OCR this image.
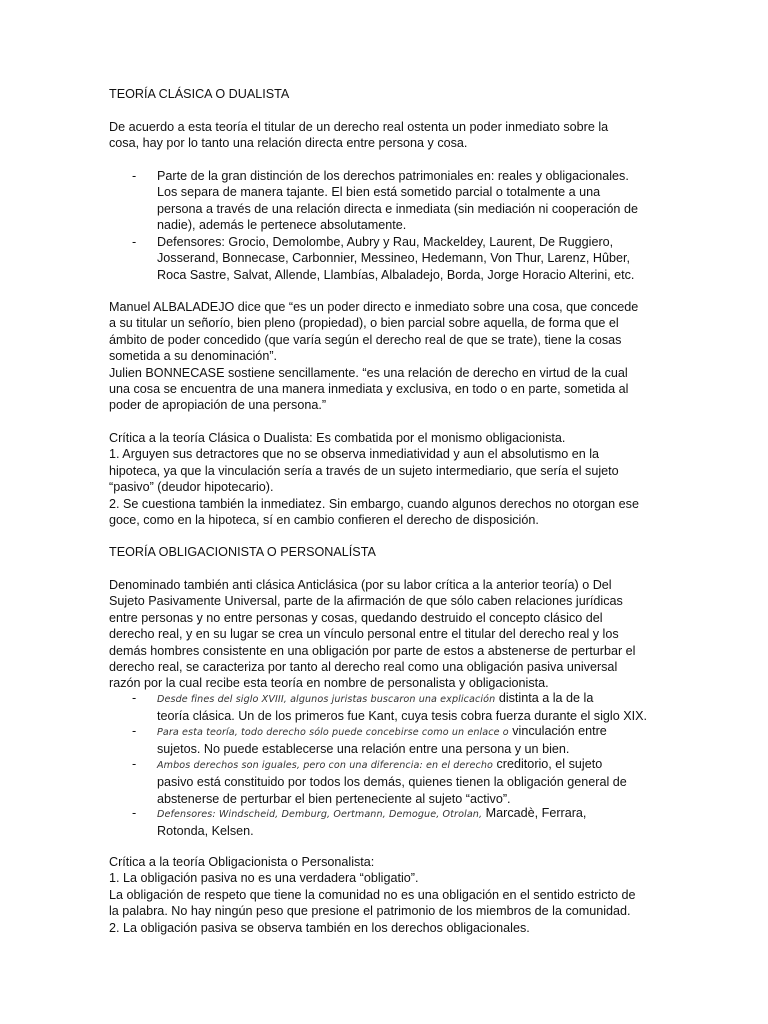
TEORÍA CLÁSICA O DUALISTA

De acuerdo a esta teoría el titular de un derecho real ostenta un poder inmediato sobre la
cosa, hay por lo tanto una relación directa entre persona y cosa.

- Parte de la gran distinción de los derechos patrimoniales en: reales y obligacionales.
Los separa de manera tajante. El bien está sometido parcial o totalmente a una
persona a través de una relación directa e inmediata (sin mediación ni cooperación de
nadie), además le pertenece absolutamente.

- Defensores: Grocio, Demolombe, Aubry y Rau, Mackeldey, Laurent, De Ruggiero,
Josserand, Bonnecase, Carbonnier, Messineo, Hedemann, Von Thur, Larenz, Hûber,
Roca Sastre, Salvat, Allende, Llambías, Albaladejo, Borda, Jorge Horacio Alterini, etc.

Manuel ALBALADEJO dice que “es un poder directo e inmediato sobre una cosa, que concede
a su titular un señorío, bien pleno (propiedad), o bien parcial sobre aquella, de forma que el
ámbito de poder concedido (que varía según el derecho real de que se trate), tiene la cosas
sometida a su denominación”.
Julien BONNECASE sostiene sencillamente. “es una relación de derecho en virtud de la cual
una cosa se encuentra de una manera inmediata y exclusiva, en todo o en parte, sometida al
poder de apropiación de una persona.”

Crítica a la teoría Clásica o Dualista: Es combatida por el monismo obligacionista.
1. Arguyen sus detractores que no se observa inmediatividad y aun el absolutismo en la
hipoteca, ya que la vinculación sería a través de un sujeto intermediario, que sería el sujeto
“pasivo” (deudor hipotecario).
2. Se cuestiona también la inmediatez. Sin embargo, cuando algunos derechos no otorgan ese
goce, como en la hipoteca, sí en cambio confieren el derecho de disposición.

TEORÍA OBLIGACIONISTA O PERSONALÍSTA

Denominado también anti clásica Anticlásica (por su labor crítica a la anterior teoría) o Del
Sujeto Pasivamente Universal, parte de la afirmación de que sólo caben relaciones jurídicas
entre personas y no entre personas y cosas, quedando destruido el concepto clásico del
derecho real, y en su lugar se crea un vínculo personal entre el titular del derecho real y los
demás hombres consistente en una obligación por parte de estos a abstenerse de perturbar el
derecho real, se caracteriza por tanto al derecho real como una obligación pasiva universal
razón por la cual recibe esta teoría en nombre de personalista y obligacionista.

- Desde fines del siglo XVIII, algunos juristas buscaron una explicación distinta a la de la
teoría clásica. Un de los primeros fue Kant, cuya tesis cobra fuerza durante el siglo XIX.

- Para esta teoría, todo derecho sólo puede concebirse como un enlace o vinculación entre
sujetos. No puede establecerse una relación entre una persona y un bien.

- Ambos derechos son iguales, pero con una diferencia: en el derecho creditorio, el sujeto
pasivo está constituido por todos los demás, quienes tienen la obligación general de
abstenerse de perturbar el bien perteneciente al sujeto “activo”.

- Defensores: Windscheid, Demburg, Oertmann, Demogue, Otrolan, Marcadè, Ferrara,
Rotonda, Kelsen.

Crítica a la teoría Obligacionista o Personalista:
1. La obligación pasiva no es una verdadera “obligatio”.
La obligación de respeto que tiene la comunidad no es una obligación en el sentido estricto de
la palabra. No hay ningún peso que presione el patrimonio de los miembros de la comunidad.
2. La obligación pasiva se observa también en los derechos obligacionales.
